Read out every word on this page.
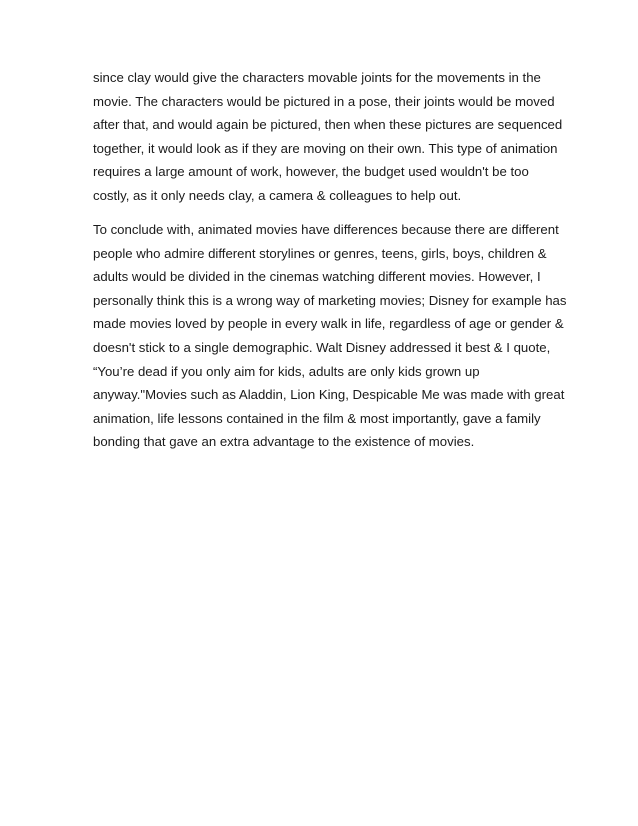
since clay would give the characters movable joints for the movements in the
movie. The characters would be pictured in a pose, their joints would be moved
after that, and would again be pictured, then when these pictures are sequenced
together, it would look as if they are moving on their own. This type of animation
requires a large amount of work, however, the budget used wouldn't be too
costly, as it only needs clay, a camera & colleagues to help out.
To conclude with, animated movies have differences because there are different
people who admire different storylines or genres, teens, girls, boys, children &
adults would be divided in the cinemas watching different movies. However, I
personally think this is a wrong way of marketing movies; Disney for example has
made movies loved by people in every walk in life, regardless of age or gender &
doesn't stick to a single demographic. Walt Disney addressed it best & I quote,
“You’re dead if you only aim for kids, adults are only kids grown up
anyway."Movies such as Aladdin, Lion King, Despicable Me was made with great
animation, life lessons contained in the film & most importantly, gave a family
bonding that gave an extra advantage to the existence of movies.
